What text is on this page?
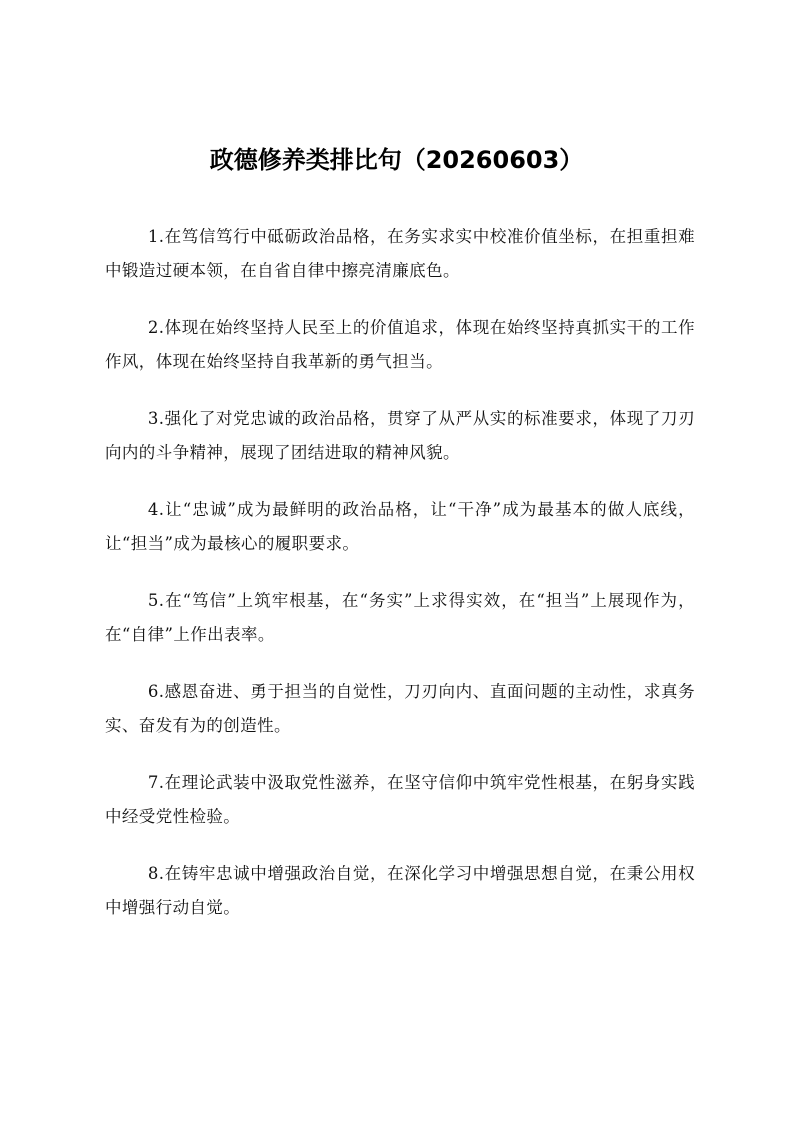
政德修养类排比句（20260603）

1.在笃信笃行中砥砺政治品格，在务实求实中校准价值坐标，在担重担难中锻造过硬本领，在自省自律中擦亮清廉底色。

2.体现在始终坚持人民至上的价值追求，体现在始终坚持真抓实干的工作作风，体现在始终坚持自我革新的勇气担当。

3.强化了对党忠诚的政治品格，贯穿了从严从实的标准要求，体现了刀刃向内的斗争精神，展现了团结进取的精神风貌。

4.让“忠诚”成为最鲜明的政治品格，让“干净”成为最基本的做人底线，让“担当”成为最核心的履职要求。

5.在“笃信”上筑牢根基，在“务实”上求得实效，在“担当”上展现作为，在“自律”上作出表率。

6.感恩奋进、勇于担当的自觉性，刀刃向内、直面问题的主动性，求真务实、奋发有为的创造性。

7.在理论武装中汲取党性滋养，在坚守信仰中筑牢党性根基，在躬身实践中经受党性检验。

8.在铸牢忠诚中增强政治自觉，在深化学习中增强思想自觉，在秉公用权中增强行动自觉。
